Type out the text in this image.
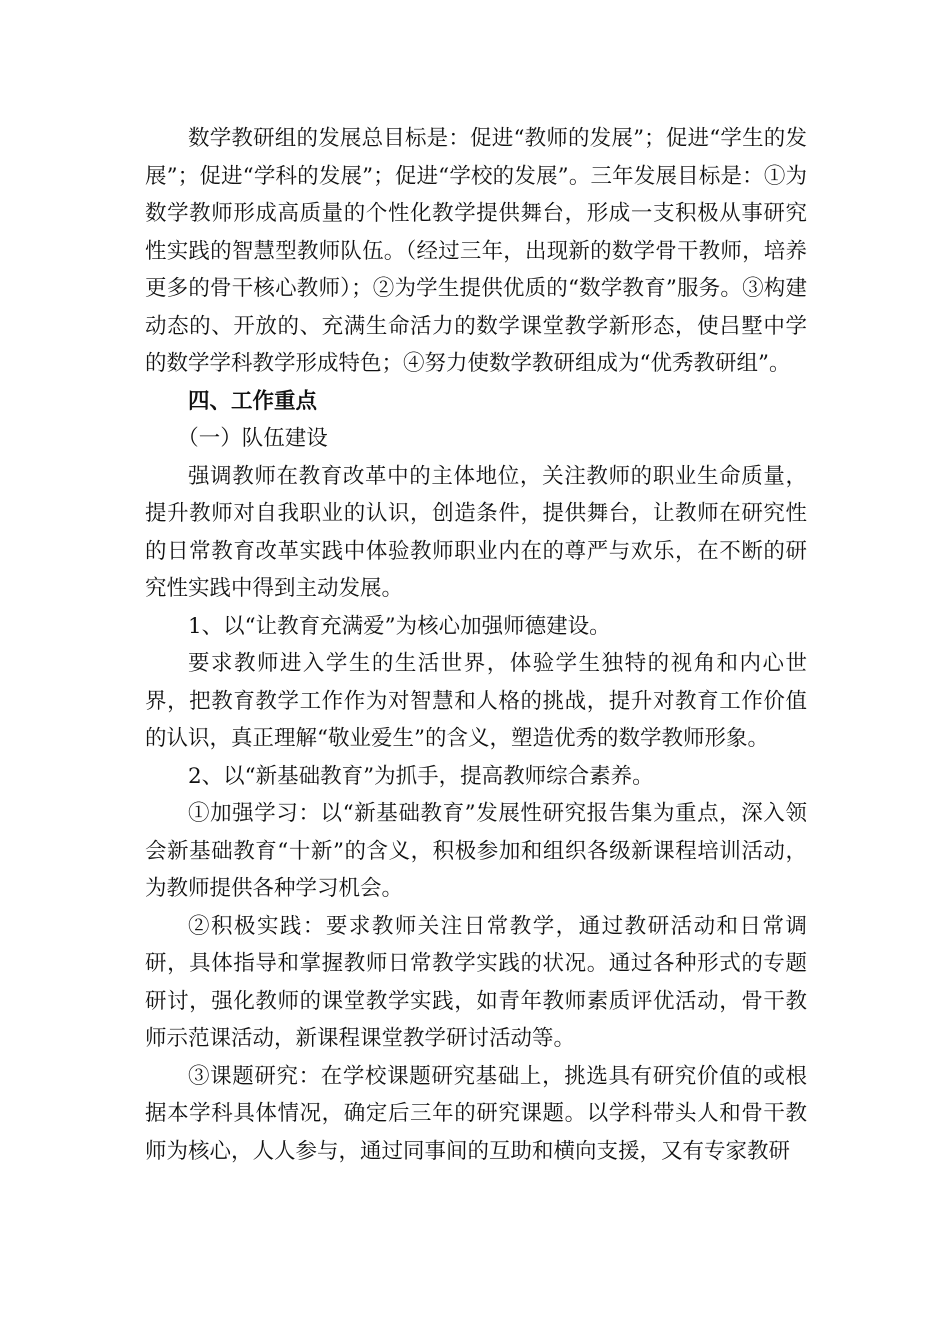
数学教研组的发展总目标是：促进“教师的发展”；促进“学生的发展”；促进“学科的发展”；促进“学校的发展”。三年发展目标是：①为数学教师形成高质量的个性化教学提供舞台，形成一支积极从事研究性实践的智慧型教师队伍。（经过三年，出现新的数学骨干教师，培养更多的骨干核心教师）；②为学生提供优质的“数学教育”服务。③构建动态的、开放的、充满生命活力的数学课堂教学新形态，使吕墅中学的数学学科教学形成特色；④努力使数学教研组成为“优秀教研组”。

四、工作重点

（一）队伍建设

强调教师在教育改革中的主体地位，关注教师的职业生命质量，提升教师对自我职业的认识，创造条件，提供舞台，让教师在研究性的日常教育改革实践中体验教师职业内在的尊严与欢乐，在不断的研究性实践中得到主动发展。

1、以“让教育充满爱”为核心加强师德建设。

要求教师进入学生的生活世界，体验学生独特的视角和内心世界，把教育教学工作作为对智慧和人格的挑战，提升对教育工作价值的认识，真正理解“敬业爱生”的含义，塑造优秀的数学教师形象。

2、以“新基础教育”为抓手，提高教师综合素养。

①加强学习：以“新基础教育”发展性研究报告集为重点，深入领会新基础教育“十新”的含义，积极参加和组织各级新课程培训活动，为教师提供各种学习机会。

②积极实践：要求教师关注日常教学，通过教研活动和日常调研，具体指导和掌握教师日常教学实践的状况。通过各种形式的专题研讨，强化教师的课堂教学实践，如青年教师素质评优活动，骨干教师示范课活动，新课程课堂教学研讨活动等。

③课题研究：在学校课题研究基础上，挑选具有研究价值的或根据本学科具体情况，确定后三年的研究课题。以学科带头人和骨干教师为核心，人人参与，通过同事间的互助和横向支援，又有专家教研
